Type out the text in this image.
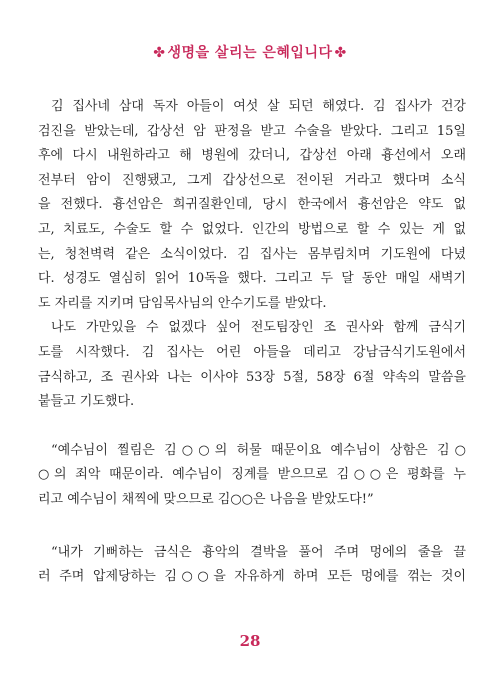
✤ 생명을 살리는 은혜입니다 ✤
김 집사네 삼대 독자 아들이 여섯 살 되던 해였다. 김 집사가 건강
검진을 받았는데, 갑상선 암 판정을 받고 수술을 받았다. 그리고 15일
후에 다시 내원하라고 해 병원에 갔더니, 갑상선 아래 흉선에서 오래
전부터 암이 진행됐고, 그게 갑상선으로 전이된 거라고 했다며 소식
을 전했다. 흉선암은 희귀질환인데, 당시 한국에서 흉선암은 약도 없
고, 치료도, 수술도 할 수 없었다. 인간의 방법으로 할 수 있는 게 없
는, 청천벽력 같은 소식이었다. 김 집사는 몸부림치며 기도원에 다녔
다. 성경도 열심히 읽어 10독을 했다. 그리고 두 달 동안 매일 새벽기
도 자리를 지키며 담임목사님의 안수기도를 받았다.
나도 가만있을 수 없겠다 싶어 전도팀장인 조 권사와 함께 금식기
도를 시작했다. 김 집사는 어린 아들을 데리고 강남금식기도원에서
금식하고, 조 권사와 나는 이사야 53장 5절, 58장 6절 약속의 말씀을
붙들고 기도했다.
“예수님이 찔림은 김○○의 허물 때문이요 예수님이 상함은 김○
○의 죄악 때문이라. 예수님이 징계를 받으므로 김○○은 평화를 누
리고 예수님이 채찍에 맞으므로 김○○은 나음을 받았도다!”
“내가 기뻐하는 금식은 흉악의 결박을 풀어 주며 멍에의 줄을 끌
러 주며 압제당하는 김○○을 자유하게 하며 모든 멍에를 꺾는 것이
28
